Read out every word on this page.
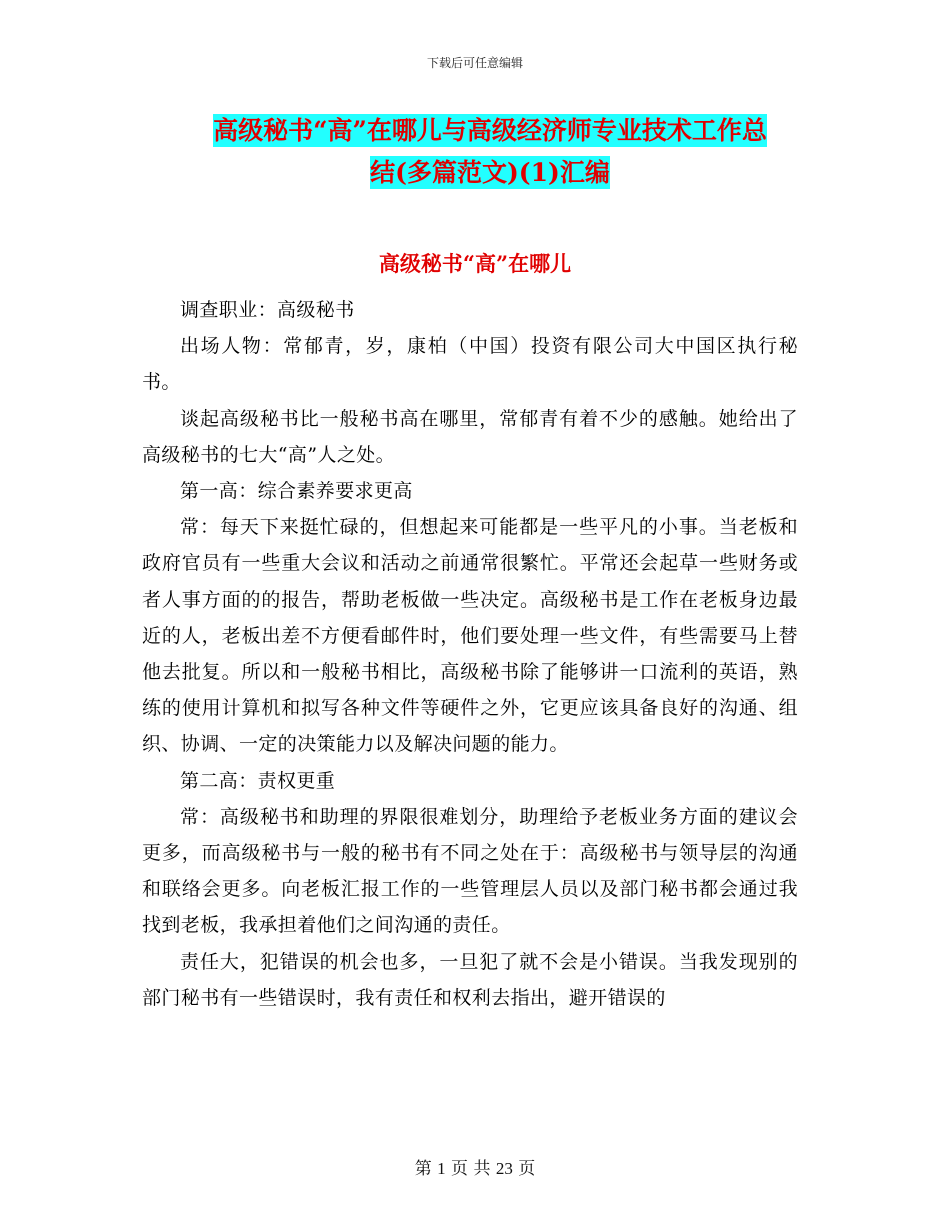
下载后可任意编辑
高级秘书“高”在哪儿与高级经济师专业技术工作总
结(多篇范文)(1)汇编
高级秘书“高”在哪儿

调查职业：高级秘书

出场人物：常郁青，岁，康柏（中国）投资有限公司大中国区执行秘书。

谈起高级秘书比一般秘书高在哪里，常郁青有着不少的感触。她给出了高级秘书的七大“高”人之处。

第一高：综合素养要求更高

常：每天下来挺忙碌的，但想起来可能都是一些平凡的小事。当老板和政府官员有一些重大会议和活动之前通常很繁忙。平常还会起草一些财务或者人事方面的的报告，帮助老板做一些决定。高级秘书是工作在老板身边最近的人，老板出差不方便看邮件时，他们要处理一些文件，有些需要马上替他去批复。所以和一般秘书相比，高级秘书除了能够讲一口流利的英语，熟练的使用计算机和拟写各种文件等硬件之外，它更应该具备良好的沟通、组织、协调、一定的决策能力以及解决问题的能力。

第二高：责权更重

常：高级秘书和助理的界限很难划分，助理给予老板业务方面的建议会更多，而高级秘书与一般的秘书有不同之处在于：高级秘书与领导层的沟通和联络会更多。向老板汇报工作的一些管理层人员以及部门秘书都会通过我找到老板，我承担着他们之间沟通的责任。

责任大，犯错误的机会也多，一旦犯了就不会是小错误。当我发现别的部门秘书有一些错误时，我有责任和权利去指出，避开错误的

第 1 页 共 23 页
